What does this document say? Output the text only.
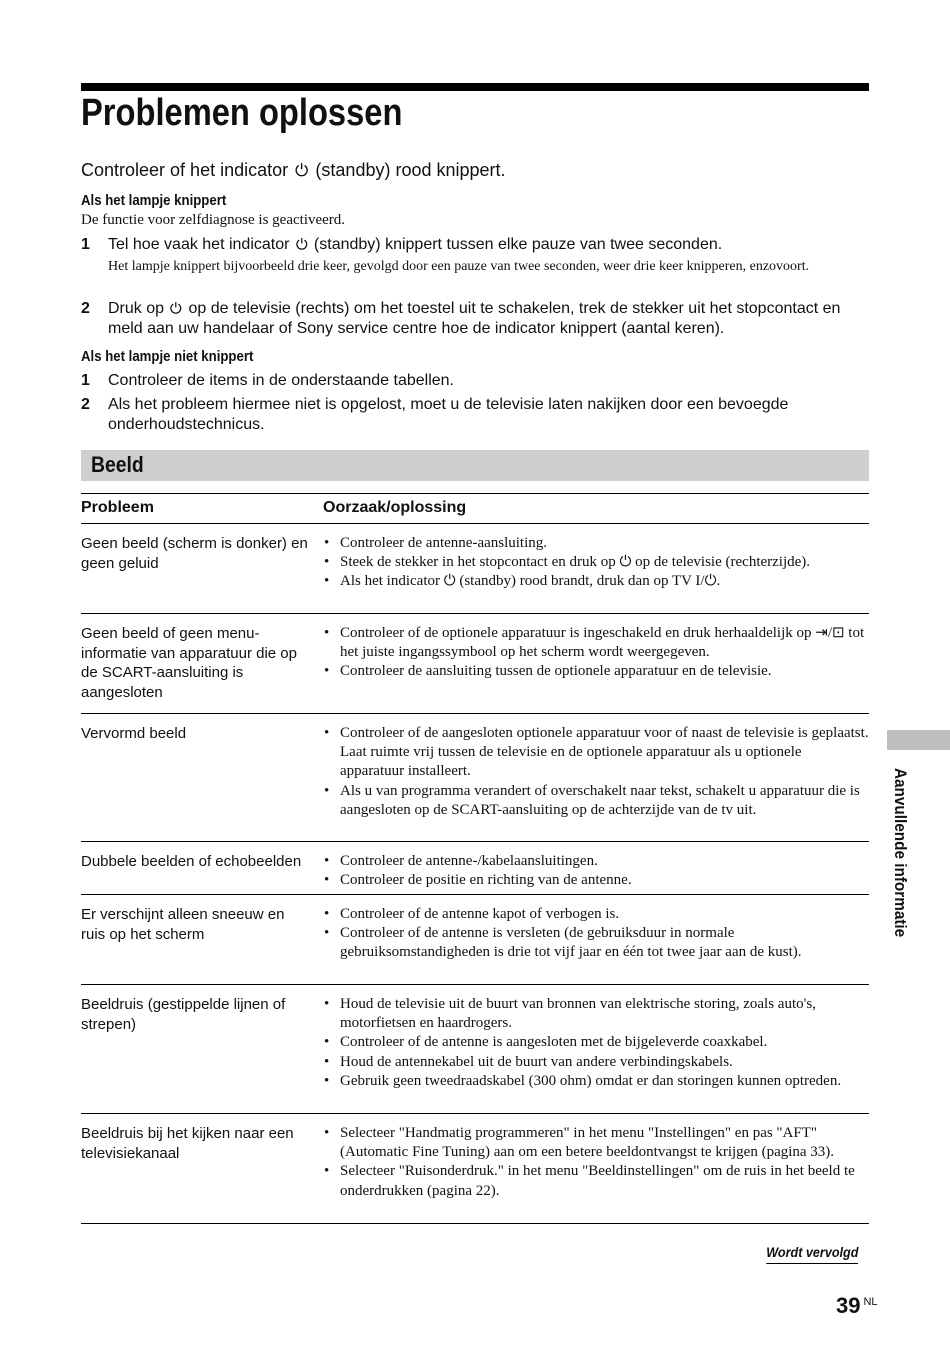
Problemen oplossen
Controleer of het indicator
(standby) rood knippert.
Als het lampje knippert
De functie voor zelfdiagnose is geactiveerd.
1	Tel hoe vaak het indicator
(standby) knippert tussen elke pauze van twee seconden.
Het lampje knippert bijvoorbeeld drie keer, gevolgd door een pauze van twee seconden, weer drie keer knipperen, enzovoort.
2	Druk op
op de televisie (rechts) om het toestel uit te schakelen, trek de stekker uit het stopcontact en meld aan uw handelaar of Sony service centre hoe de indicator knippert (aantal keren).
Als het lampje niet knippert
1	Controleer de items in de onderstaande tabellen.
2	Als het probleem hiermee niet is opgelost, moet u de televisie laten nakijken door een bevoegde onderhoudstechnicus.
Beeld
Probleem	Oorzaak/oplossing
Geen beeld (scherm is donker) en geen geluid
• Controleer de antenne-aansluiting.
• Steek de stekker in het stopcontact en druk op ⏻ op de televisie (rechterzijde).
• Als het indicator ⏻ (standby) rood brandt, druk dan op TV I/⏻.
Geen beeld of geen menu-informatie van apparatuur die op de SCART-aansluiting is aangesloten
• Controleer of de optionele apparatuur is ingeschakeld en druk herhaaldelijk op ⇥/⊡ tot het juiste ingangssymbool op het scherm wordt weergegeven.
• Controleer de aansluiting tussen de optionele apparatuur en de televisie.
Vervormd beeld	• Controleer of de aangesloten optionele apparatuur voor of naast de televisie is geplaatst. Laat ruimte vrij tussen de televisie en de optionele apparatuur als u optionele apparatuur installeert.
• Als u van programma verandert of overschakelt naar tekst, schakelt u apparatuur die is aangesloten op de SCART-aansluiting op de achterzijde van de tv uit.
Dubbele beelden of echobeelden	• Controleer de antenne-/kabelaansluitingen.
• Controleer de positie en richting van de antenne.
Er verschijnt alleen sneeuw en ruis op het scherm
• Controleer of de antenne kapot of verbogen is.
• Controleer of de antenne is versleten (de gebruiksduur in normale gebruiksomstandigheden is drie tot vijf jaar en één tot twee jaar aan de kust).
Beeldruis (gestippelde lijnen of strepen)
• Houd de televisie uit de buurt van bronnen van elektrische storing, zoals auto's, motorfietsen en haardrogers.
• Controleer of de antenne is aangesloten met de bijgeleverde coaxkabel.
• Houd de antennekabel uit de buurt van andere verbindingskabels.
• Gebruik geen tweedraadskabel (300 ohm) omdat er dan storingen kunnen optreden.
Beeldruis bij het kijken naar een televisiekanaal
• Selecteer "Handmatig programmeren" in het menu "Instellingen" en pas "AFT" (Automatic Fine Tuning) aan om een betere beeldontvangst te krijgen (pagina 33).
• Selecteer "Ruisonderdruk." in het menu "Beeldinstellingen" om de ruis in het beeld te onderdrukken (pagina 22).
Aanvullende informatie
Wordt vervolgd
39 $^{NL}$
